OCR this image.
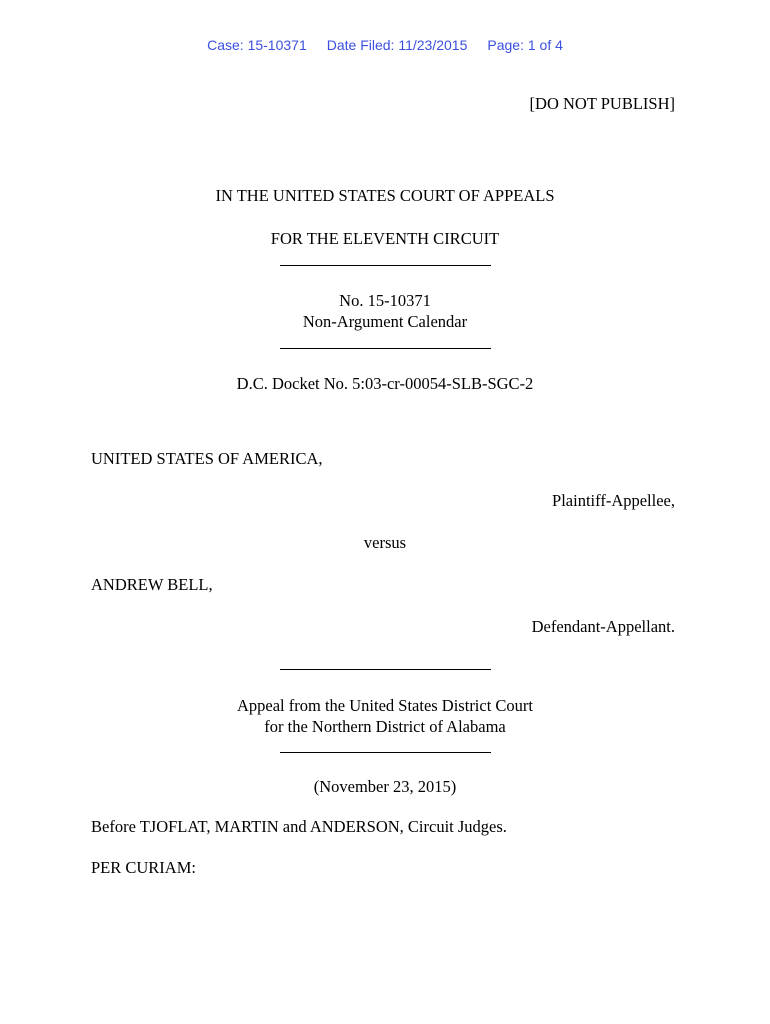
Case: 15-10371 Date Filed: 11/23/2015 Page: 1 of 4
[DO NOT PUBLISH]
IN THE UNITED STATES COURT OF APPEALS
FOR THE ELEVENTH CIRCUIT
No. 15-10371
Non-Argument Calendar
D.C. Docket No. 5:03-cr-00054-SLB-SGC-2
UNITED STATES OF AMERICA,
Plaintiff-Appellee,
versus
ANDREW BELL,
Defendant-Appellant.
Appeal from the United States District Court
for the Northern District of Alabama
(November 23, 2015)
Before TJOFLAT, MARTIN and ANDERSON, Circuit Judges.
PER CURIAM:
